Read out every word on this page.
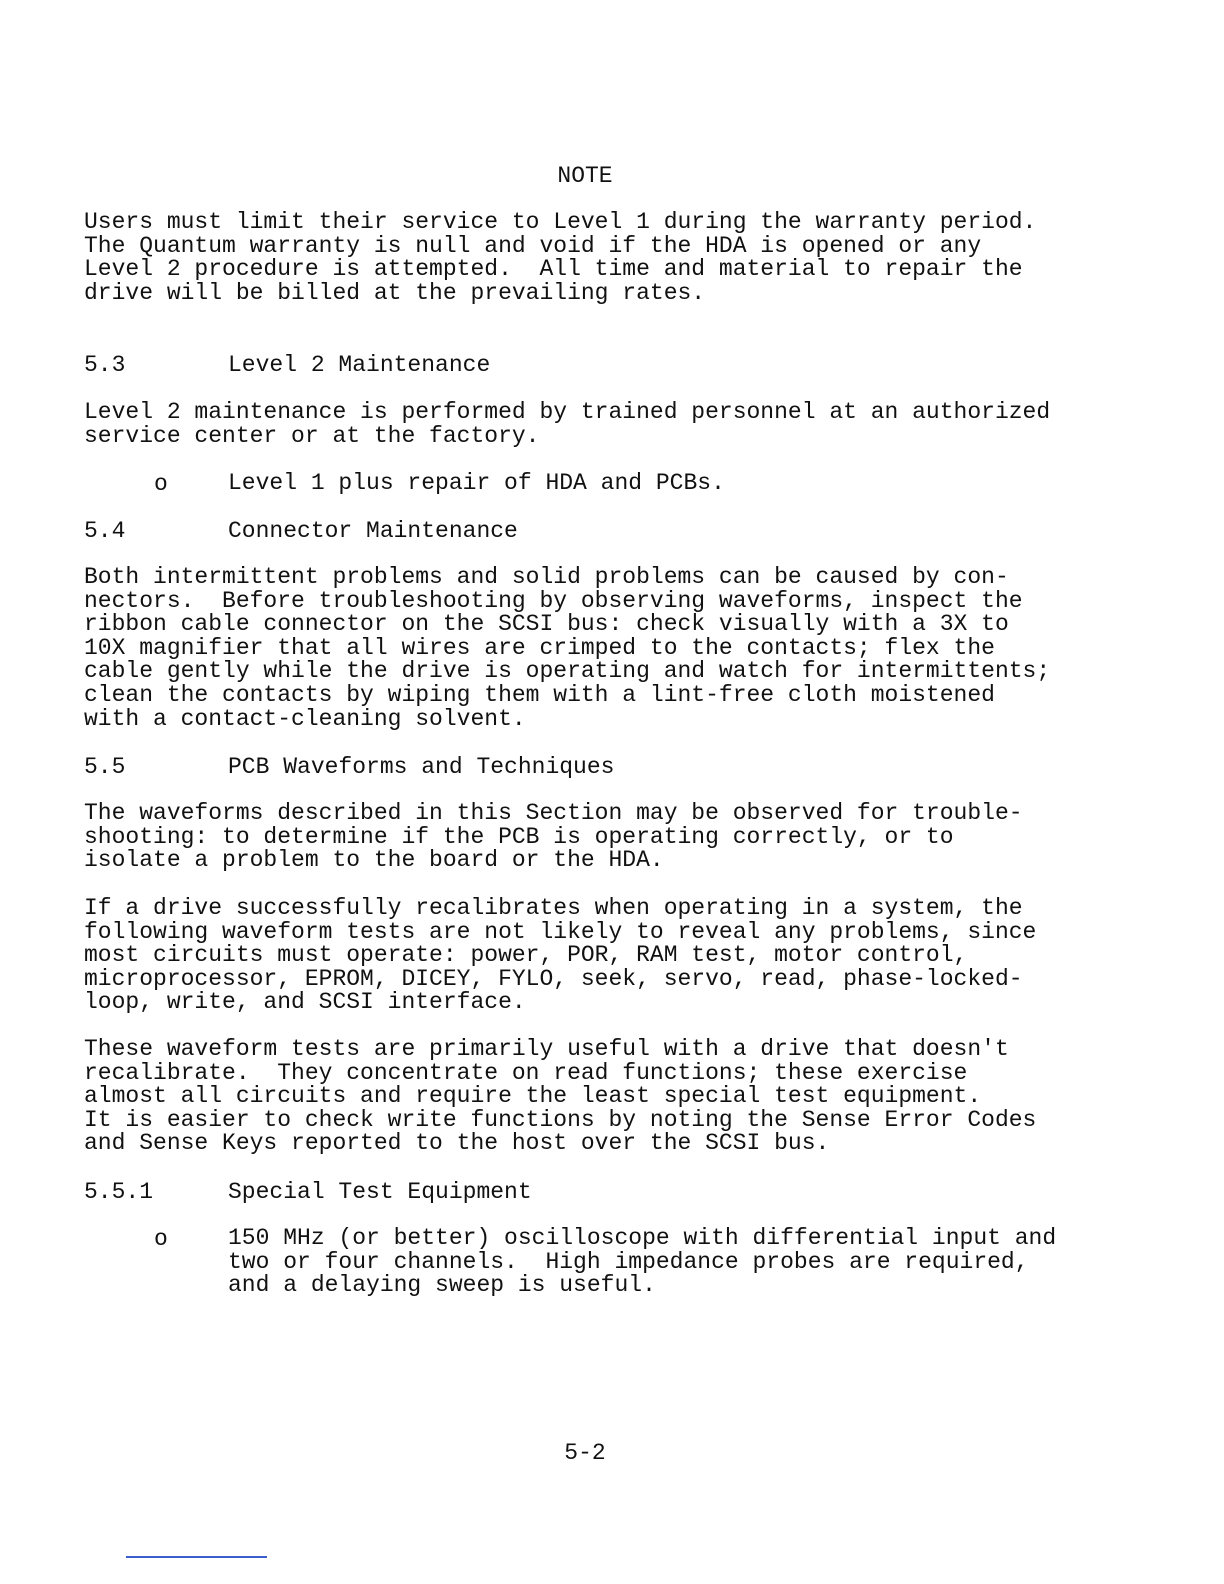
NOTE
Users must limit their service to Level 1 during the warranty period.
The Quantum warranty is null and void if the HDA is opened or any
Level 2 procedure is attempted.  All time and material to repair the
drive will be billed at the prevailing rates.
5.3	Level 2 Maintenance
Level 2 maintenance is performed by trained personnel at an authorized
service center or at the factory.
o	Level 1 plus repair of HDA and PCBs.
5.4	Connector Maintenance
Both intermittent problems and solid problems can be caused by con-
nectors.  Before troubleshooting by observing waveforms, inspect the
ribbon cable connector on the SCSI bus: check visually with a 3X to
10X magnifier that all wires are crimped to the contacts; flex the
cable gently while the drive is operating and watch for intermittents;
clean the contacts by wiping them with a lint-free cloth moistened
with a contact-cleaning solvent.
5.5	PCB Waveforms and Techniques
The waveforms described in this Section may be observed for trouble-
shooting: to determine if the PCB is operating correctly, or to
isolate a problem to the board or the HDA.
If a drive successfully recalibrates when operating in a system, the
following waveform tests are not likely to reveal any problems, since
most circuits must operate: power, POR, RAM test, motor control,
microprocessor, EPROM, DICEY, FYLO, seek, servo, read, phase-locked-
loop, write, and SCSI interface.
These waveform tests are primarily useful with a drive that doesn't
recalibrate.  They concentrate on read functions; these exercise
almost all circuits and require the least special test equipment.
It is easier to check write functions by noting the Sense Error Codes
and Sense Keys reported to the host over the SCSI bus.
5.5.1	Special Test Equipment
o	150 MHz (or better) oscilloscope with differential input and
two or four channels.  High impedance probes are required,
and a delaying sweep is useful.
5-2
